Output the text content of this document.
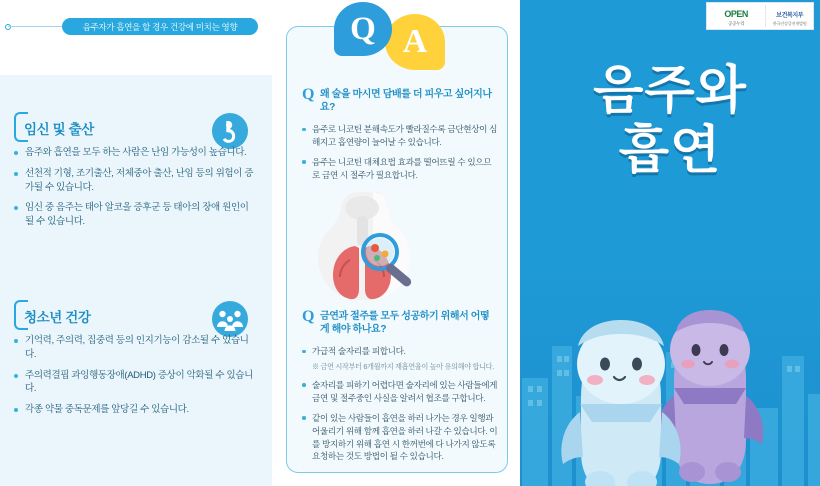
음주자가 흡연을 할 경우 건강에 미치는 영향
임신 및 출산
음주와 흡연을 모두 하는 사람은 난임 가능성이 높습니다.
선천적 기형, 조기출산, 저체중아 출산, 난임 등의 위험이 증가될 수 있습니다.
임신 중 음주는 태아 알코올 증후군 등 태아의 장애 원인이 될 수 있습니다.
청소년 건강
기억력, 주의력, 집중력 등의 인지기능이 감소될 수 있습니다.
주의력결핍 과잉행동장애(ADHD) 증상이 악화될 수 있습니다.
각종 약물 중독문제를 앞당길 수 있습니다.
A
Q
Q 왜 술을 마시면 담배를 더 피우고 싶어지나요?
음주로 니코틴 분해속도가 빨라질수록 금단현상이 심해지고 흡연량이 늘어날 수 있습니다.
음주는 니코틴 대체요법 효과를 떨어뜨릴 수 있으므로 금연 시 절주가 필요합니다.
Q 금연과 절주를 모두 성공하기 위해서 어떻게 해야 하나요?
가급적 술자리를 피합니다.
※ 금연 시작부터 6개월까지 재흡연율이 높아 유의해야 합니다.
술자리를 피하기 어렵다면 술자리에 있는 사람들에게 금연 및 절주중인 사실을 알려서 협조를 구합니다.
같이 있는 사람들이 흡연을 하러 나가는 경우 일행과 어울리기 위해 함께 흡연을 하러 나갈 수 있습니다. 이를 방지하기 위해 흡연 시 한꺼번에 다 나가지 않도록 요청하는 것도 방법이 될 수 있습니다.
OPEN
공공누리
보건복지부
한국건강증진개발원
음주와
흡연
